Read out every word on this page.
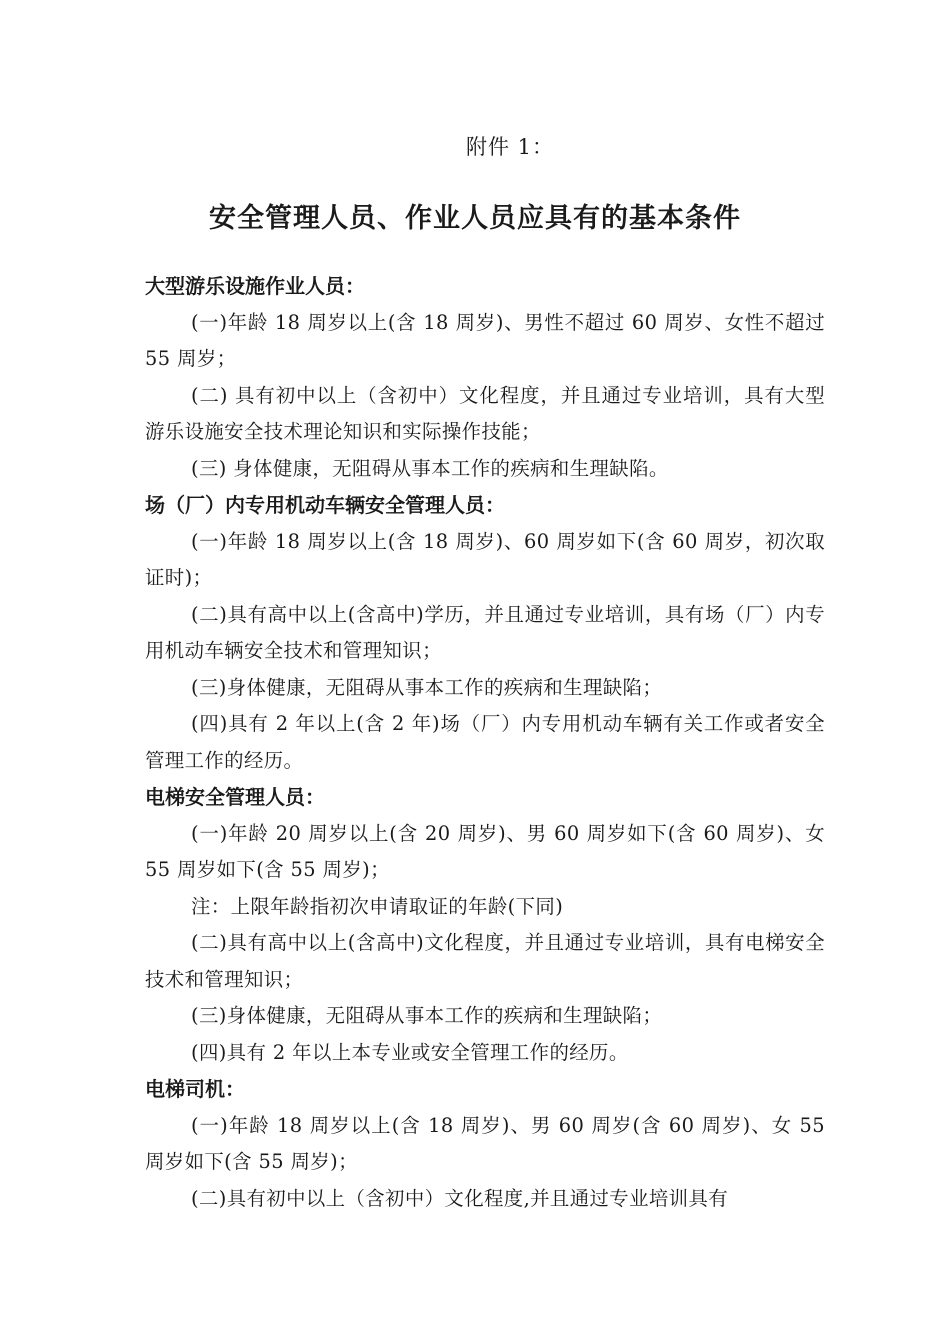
附件 1：
安全管理人员、作业人员应具有的基本条件
大型游乐设施作业人员：

(一)年龄 18 周岁以上(含 18 周岁)、男性不超过 60 周岁、女性不超过 55 周岁；

(二) 具有初中以上（含初中）文化程度，并且通过专业培训，具有大型游乐设施安全技术理论知识和实际操作技能；

(三) 身体健康，无阻碍从事本工作的疾病和生理缺陷。

场（厂）内专用机动车辆安全管理人员：

(一)年龄 18 周岁以上(含 18 周岁)、60 周岁如下(含 60 周岁，初次取证时)；

(二)具有高中以上(含高中)学历，并且通过专业培训，具有场（厂）内专用机动车辆安全技术和管理知识；

(三)身体健康，无阻碍从事本工作的疾病和生理缺陷；

(四)具有 2 年以上(含 2 年)场（厂）内专用机动车辆有关工作或者安全管理工作的经历。

电梯安全管理人员：

(一)年龄 20 周岁以上(含 20 周岁)、男 60 周岁如下(含 60 周岁)、女 55 周岁如下(含 55 周岁)；

注：上限年龄指初次申请取证的年龄(下同)

(二)具有高中以上(含高中)文化程度，并且通过专业培训，具有电梯安全技术和管理知识；

(三)身体健康，无阻碍从事本工作的疾病和生理缺陷；

(四)具有 2 年以上本专业或安全管理工作的经历。

电梯司机：

(一)年龄 18 周岁以上(含 18 周岁)、男 60 周岁(含 60 周岁)、女 55 周岁如下(含 55 周岁)；

(二)具有初中以上（含初中）文化程度,并且通过专业培训具有
